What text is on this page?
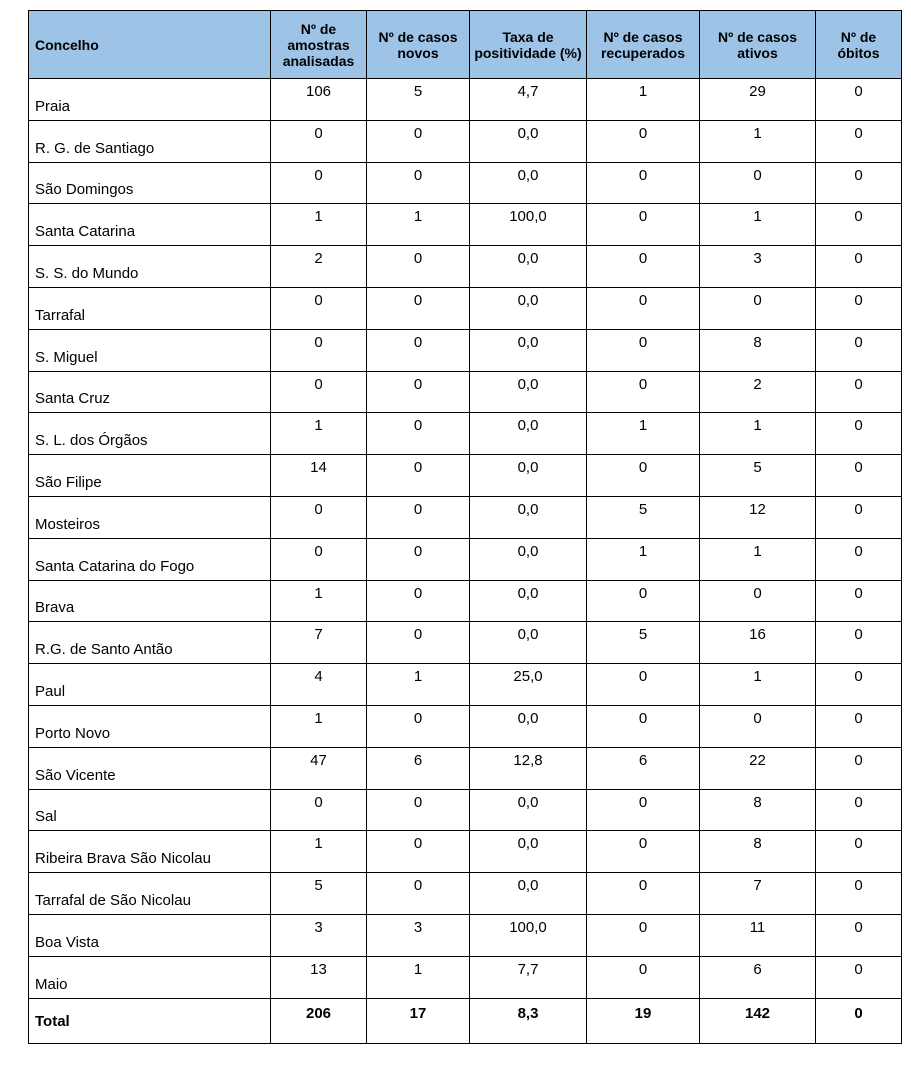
Concelho	Nº de amostras analisadas	Nº de casos novos	Taxa de positividade (%)	Nº de casos recuperados	Nº de casos ativos	Nº de óbitos
Praia	106	5	4,7	1	29	0
R. G. de Santiago	0	0	0,0	0	1	0
São Domingos	0	0	0,0	0	0	0
Santa Catarina	1	1	100,0	0	1	0
S. S. do Mundo	2	0	0,0	0	3	0
Tarrafal	0	0	0,0	0	0	0
S. Miguel	0	0	0,0	0	8	0
Santa Cruz	0	0	0,0	0	2	0
S. L. dos Órgãos	1	0	0,0	1	1	0
São Filipe	14	0	0,0	0	5	0
Mosteiros	0	0	0,0	5	12	0
Santa Catarina do Fogo	0	0	0,0	1	1	0
Brava	1	0	0,0	0	0	0
R.G. de Santo Antão	7	0	0,0	5	16	0
Paul	4	1	25,0	0	1	0
Porto Novo	1	0	0,0	0	0	0
São Vicente	47	6	12,8	6	22	0
Sal	0	0	0,0	0	8	0
Ribeira Brava São Nicolau	1	0	0,0	0	8	0
Tarrafal de São Nicolau	5	0	0,0	0	7	0
Boa Vista	3	3	100,0	0	11	0
Maio	13	1	7,7	0	6	0
Total	206	17	8,3	19	142	0
